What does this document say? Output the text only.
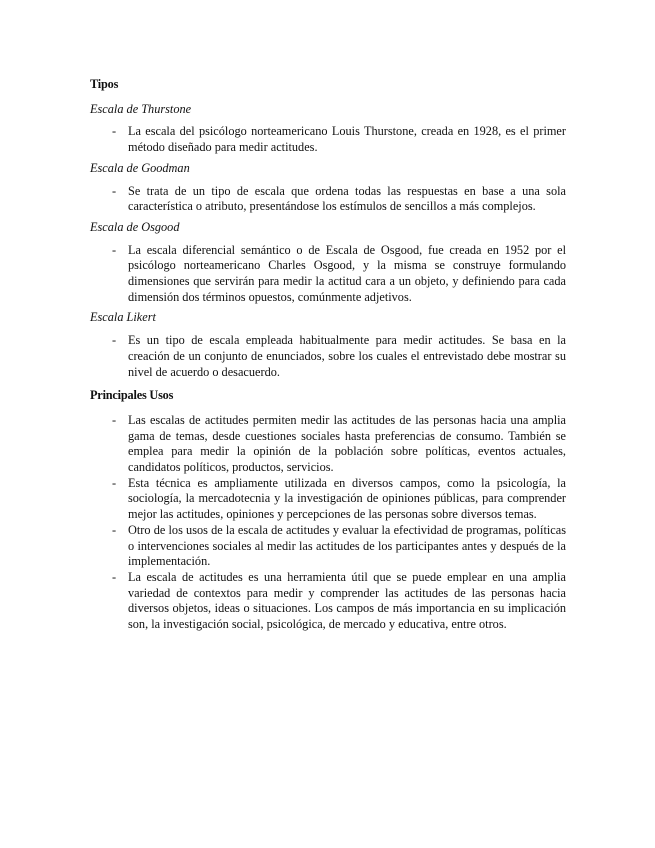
Tipos
Escala de Thurstone
- La escala del psicólogo norteamericano Louis Thurstone, creada en 1928, es el primer método diseñado para medir actitudes.
Escala de Goodman
- Se trata de un tipo de escala que ordena todas las respuestas en base a una sola característica o atributo, presentándose los estímulos de sencillos a más complejos.
Escala de Osgood
- La escala diferencial semántico o de Escala de Osgood, fue creada en 1952 por el psicólogo norteamericano Charles Osgood, y la misma se construye formulando dimensiones que servirán para medir la actitud cara a un objeto, y definiendo para cada dimensión dos términos opuestos, comúnmente adjetivos.
Escala Likert
- Es un tipo de escala empleada habitualmente para medir actitudes. Se basa en la creación de un conjunto de enunciados, sobre los cuales el entrevistado debe mostrar su nivel de acuerdo o desacuerdo.
Principales Usos
- Las escalas de actitudes permiten medir las actitudes de las personas hacia una amplia gama de temas, desde cuestiones sociales hasta preferencias de consumo. También se emplea para medir la opinión de la población sobre políticas, eventos actuales, candidatos políticos, productos, servicios.
- Esta técnica es ampliamente utilizada en diversos campos, como la psicología, la sociología, la mercadotecnia y la investigación de opiniones públicas, para comprender mejor las actitudes, opiniones y percepciones de las personas sobre diversos temas.
- Otro de los usos de la escala de actitudes y evaluar la efectividad de programas, políticas o intervenciones sociales al medir las actitudes de los participantes antes y después de la implementación.
- La escala de actitudes es una herramienta útil que se puede emplear en una amplia variedad de contextos para medir y comprender las actitudes de las personas hacia diversos objetos, ideas o situaciones. Los campos de más importancia en su implicación son, la investigación social, psicológica, de mercado y educativa, entre otros.
